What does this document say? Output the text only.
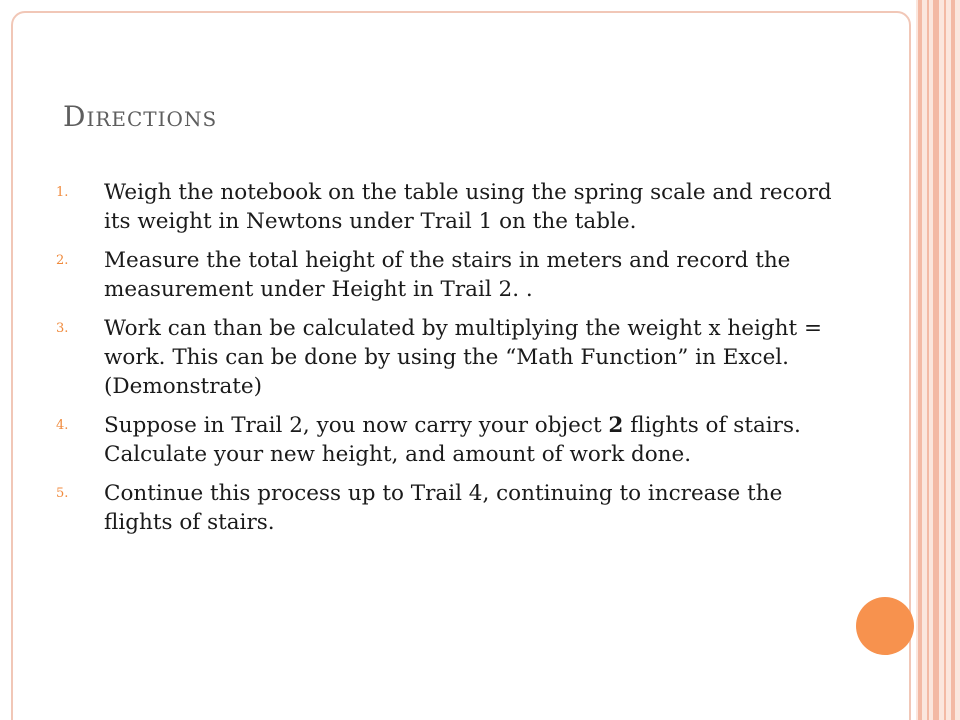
Directions
1. Weigh the notebook on the table using the spring scale and record its weight in Newtons under Trail 1 on the table.
2. Measure the total height of the stairs in meters and record the measurement under Height in Trail 2. .
3. Work can than be calculated by multiplying the weight x height = work. This can be done by using the “Math Function” in Excel. (Demonstrate)
4. Suppose in Trail 2, you now carry your object 2 flights of stairs. Calculate your new height, and amount of work done.
5. Continue this process up to Trail 4, continuing to increase the flights of stairs.
